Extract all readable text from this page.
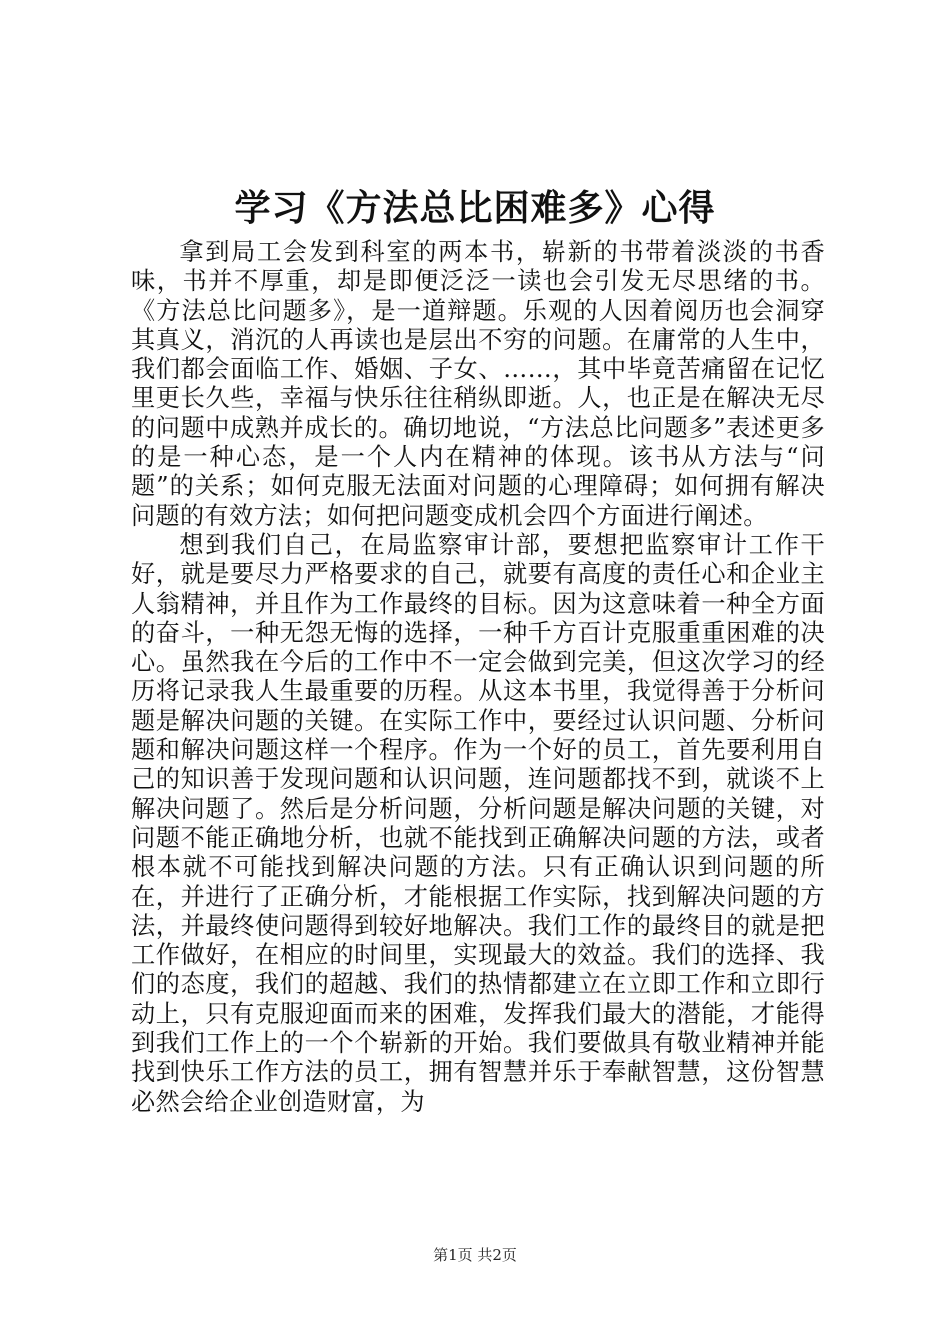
学习《方法总比困难多》心得

拿到局工会发到科室的两本书，崭新的书带着淡淡的书香味，书并不厚重，却是即便泛泛一读也会引发无尽思绪的书。《方法总比问题多》，是一道辩题。乐观的人因着阅历也会洞穿其真义，消沉的人再读也是层出不穷的问题。在庸常的人生中，我们都会面临工作、婚姻、子女、……，其中毕竟苦痛留在记忆里更长久些，幸福与快乐往往稍纵即逝。人，也正是在解决无尽的问题中成熟并成长的。确切地说，“方法总比问题多”表述更多的是一种心态，是一个人内在精神的体现。该书从方法与“问题”的关系；如何克服无法面对问题的心理障碍；如何拥有解决问题的有效方法；如何把问题变成机会四个方面进行阐述。

想到我们自己，在局监察审计部，要想把监察审计工作干好，就是要尽力严格要求的自己，就要有高度的责任心和企业主人翁精神，并且作为工作最终的目标。因为这意味着一种全方面的奋斗，一种无怨无悔的选择，一种千方百计克服重重困难的决心。虽然我在今后的工作中不一定会做到完美，但这次学习的经历将记录我人生最重要的历程。从这本书里，我觉得善于分析问题是解决问题的关键。在实际工作中，要经过认识问题、分析问题和解决问题这样一个程序。作为一个好的员工，首先要利用自己的知识善于发现问题和认识问题，连问题都找不到，就谈不上解决问题了。然后是分析问题，分析问题是解决问题的关键，对问题不能正确地分析，也就不能找到正确解决问题的方法，或者根本就不可能找到解决问题的方法。只有正确认识到问题的所在，并进行了正确分析，才能根据工作实际，找到解决问题的方法，并最终使问题得到较好地解决。我们工作的最终目的就是把工作做好，在相应的时间里，实现最大的效益。我们的选择、我们的态度，我们的超越、我们的热情都建立在立即工作和立即行动上，只有克服迎面而来的困难，发挥我们最大的潜能，才能得到我们工作上的一个个崭新的开始。我们要做具有敬业精神并能找到快乐工作方法的员工，拥有智慧并乐于奉献智慧，这份智慧必然会给企业创造财富，为

第1页 共2页
